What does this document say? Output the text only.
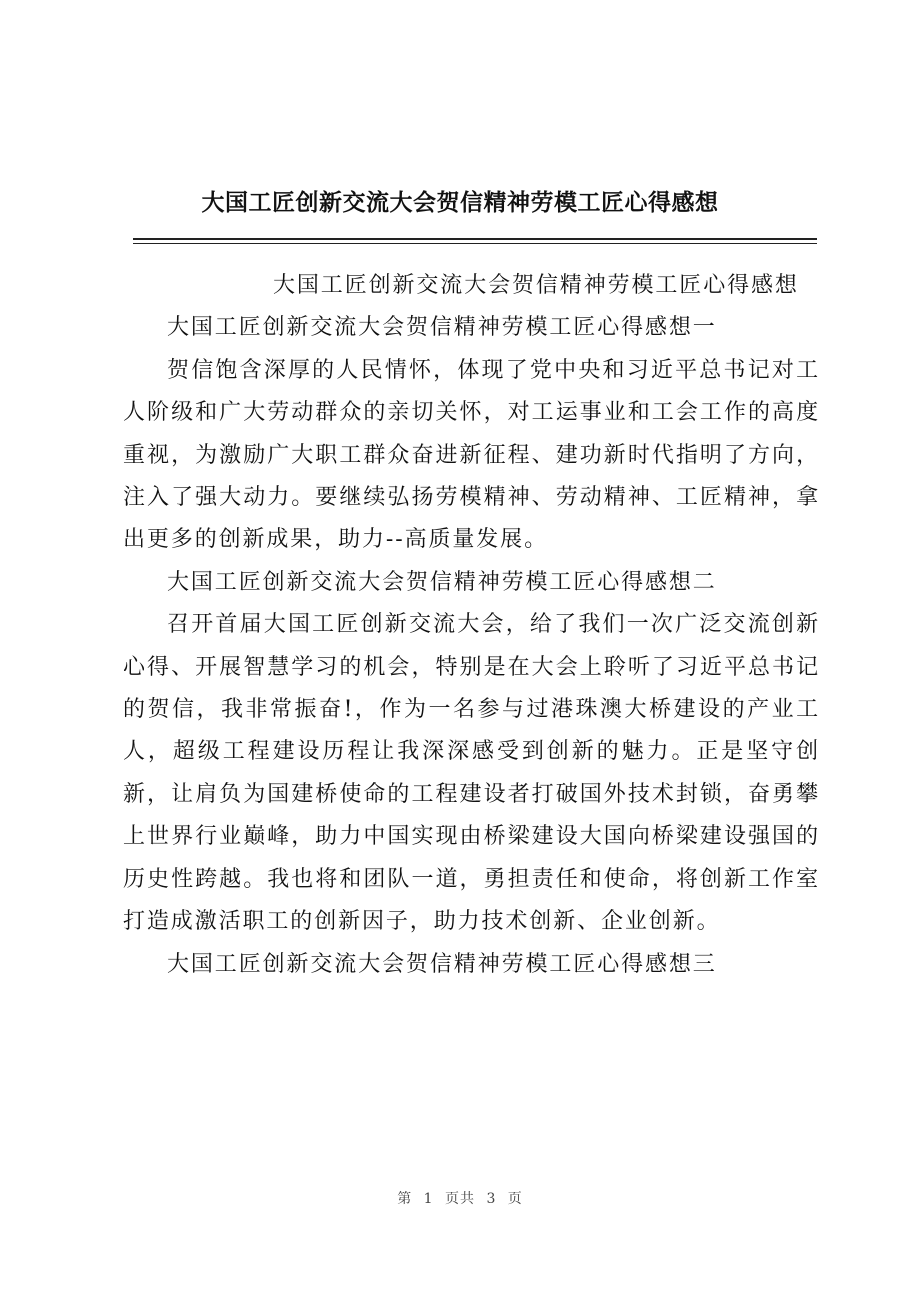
大国工匠创新交流大会贺信精神劳模工匠心得感想

大国工匠创新交流大会贺信精神劳模工匠心得感想

大国工匠创新交流大会贺信精神劳模工匠心得感想一

贺信饱含深厚的人民情怀，体现了党中央和习近平总书记对工人阶级和广大劳动群众的亲切关怀，对工运事业和工会工作的高度重视，为激励广大职工群众奋进新征程、建功新时代指明了方向，注入了强大动力。要继续弘扬劳模精神、劳动精神、工匠精神，拿出更多的创新成果，助力--高质量发展。

大国工匠创新交流大会贺信精神劳模工匠心得感想二

召开首届大国工匠创新交流大会，给了我们一次广泛交流创新心得、开展智慧学习的机会，特别是在大会上聆听了习近平总书记的贺信，我非常振奋!，作为一名参与过港珠澳大桥建设的产业工人，超级工程建设历程让我深深感受到创新的魅力。正是坚守创新，让肩负为国建桥使命的工程建设者打破国外技术封锁，奋勇攀上世界行业巅峰，助力中国实现由桥梁建设大国向桥梁建设强国的历史性跨越。我也将和团队一道，勇担责任和使命，将创新工作室打造成激活职工的创新因子，助力技术创新、企业创新。

大国工匠创新交流大会贺信精神劳模工匠心得感想三

第 1 页共 3 页
